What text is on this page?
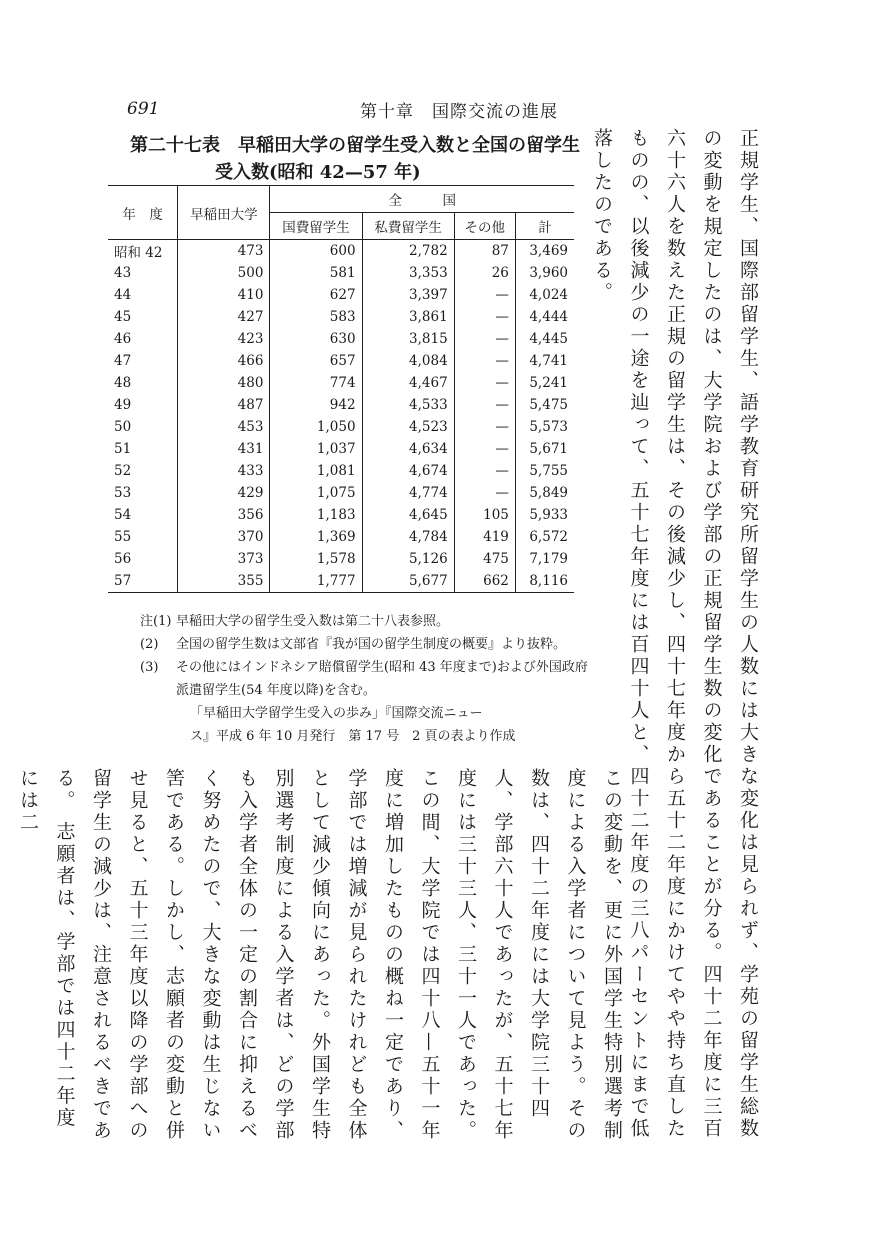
691	第十章　国際交流の進展
第二十七表　早稲田大学の留学生受入数と全国の留学生
受入数(昭和 42—57 年)
年　度	早稲田大学	全　　　国			
		国費留学生	私費留学生	その他	計
昭和 42	473	600	2,782	87	3,469
43	500	581	3,353	26	3,960
44	410	627	3,397	—	4,024
45	427	583	3,861	—	4,444
46	423	630	3,815	—	4,445
47	466	657	4,084	—	4,741
48	480	774	4,467	—	5,241
49	487	942	4,533	—	5,475
50	453	1,050	4,523	—	5,573
51	431	1,037	4,634	—	5,671
52	433	1,081	4,674	—	5,755
53	429	1,075	4,774	—	5,849
54	356	1,183	4,645	105	5,933
55	370	1,369	4,784	419	6,572
56	373	1,578	5,126	475	7,179
57	355	1,777	5,677	662	8,116
注(1) 早稲田大学の留学生受入数は第二十八表参照。
(2) 全国の留学生数は文部省『我が国の留学生制度の概要』より抜粋。
(3) その他にはインドネシア賠償留学生(昭和 43 年度まで)および外国政府派遣留学生(54 年度以降)を含む。
「早稲田大学留学生受入の歩み」『国際交流ニュー
ス』平成 6 年 10 月発行　第 17 号　2 頁の表より作成	正規学生、国際部留学生、語学教育研究所留学生の人数には大きな変化は見られず、学苑の留学生総数の変動を規定したのは、大学院および学部の正規留学生数の変化であることが分る。四十二年度に三百六十六人を数えた正規の留学生は、その後減少し、四十七年度から五十二年度にかけてやや持ち直したものの、以後減少の一途を辿って、五十七年度には百四十人と、四十二年度の三八パーセントにまで低落したのである。
この変動を、更に外国学生特別選考制度による入学者について見よう。その数は、四十二年度には大学院三十四人、学部六十人であったが、五十七年度には三十三人、三十一人であった。この間、大学院では四十八—五十一年度に増加したものの概ね一定であり、学部では増減が見られたけれども全体として減少傾向にあった。外国学生特別選考制度による入学者は、どの学部も入学者全体の一定の割合に抑えるべく努めたので、大きな変動は生じない筈である。しかし、志願者の変動と併せ見ると、五十三年度以降の学部への留学生の減少は、注意されるべきである。 志願者は、学部では四十二年度には二
